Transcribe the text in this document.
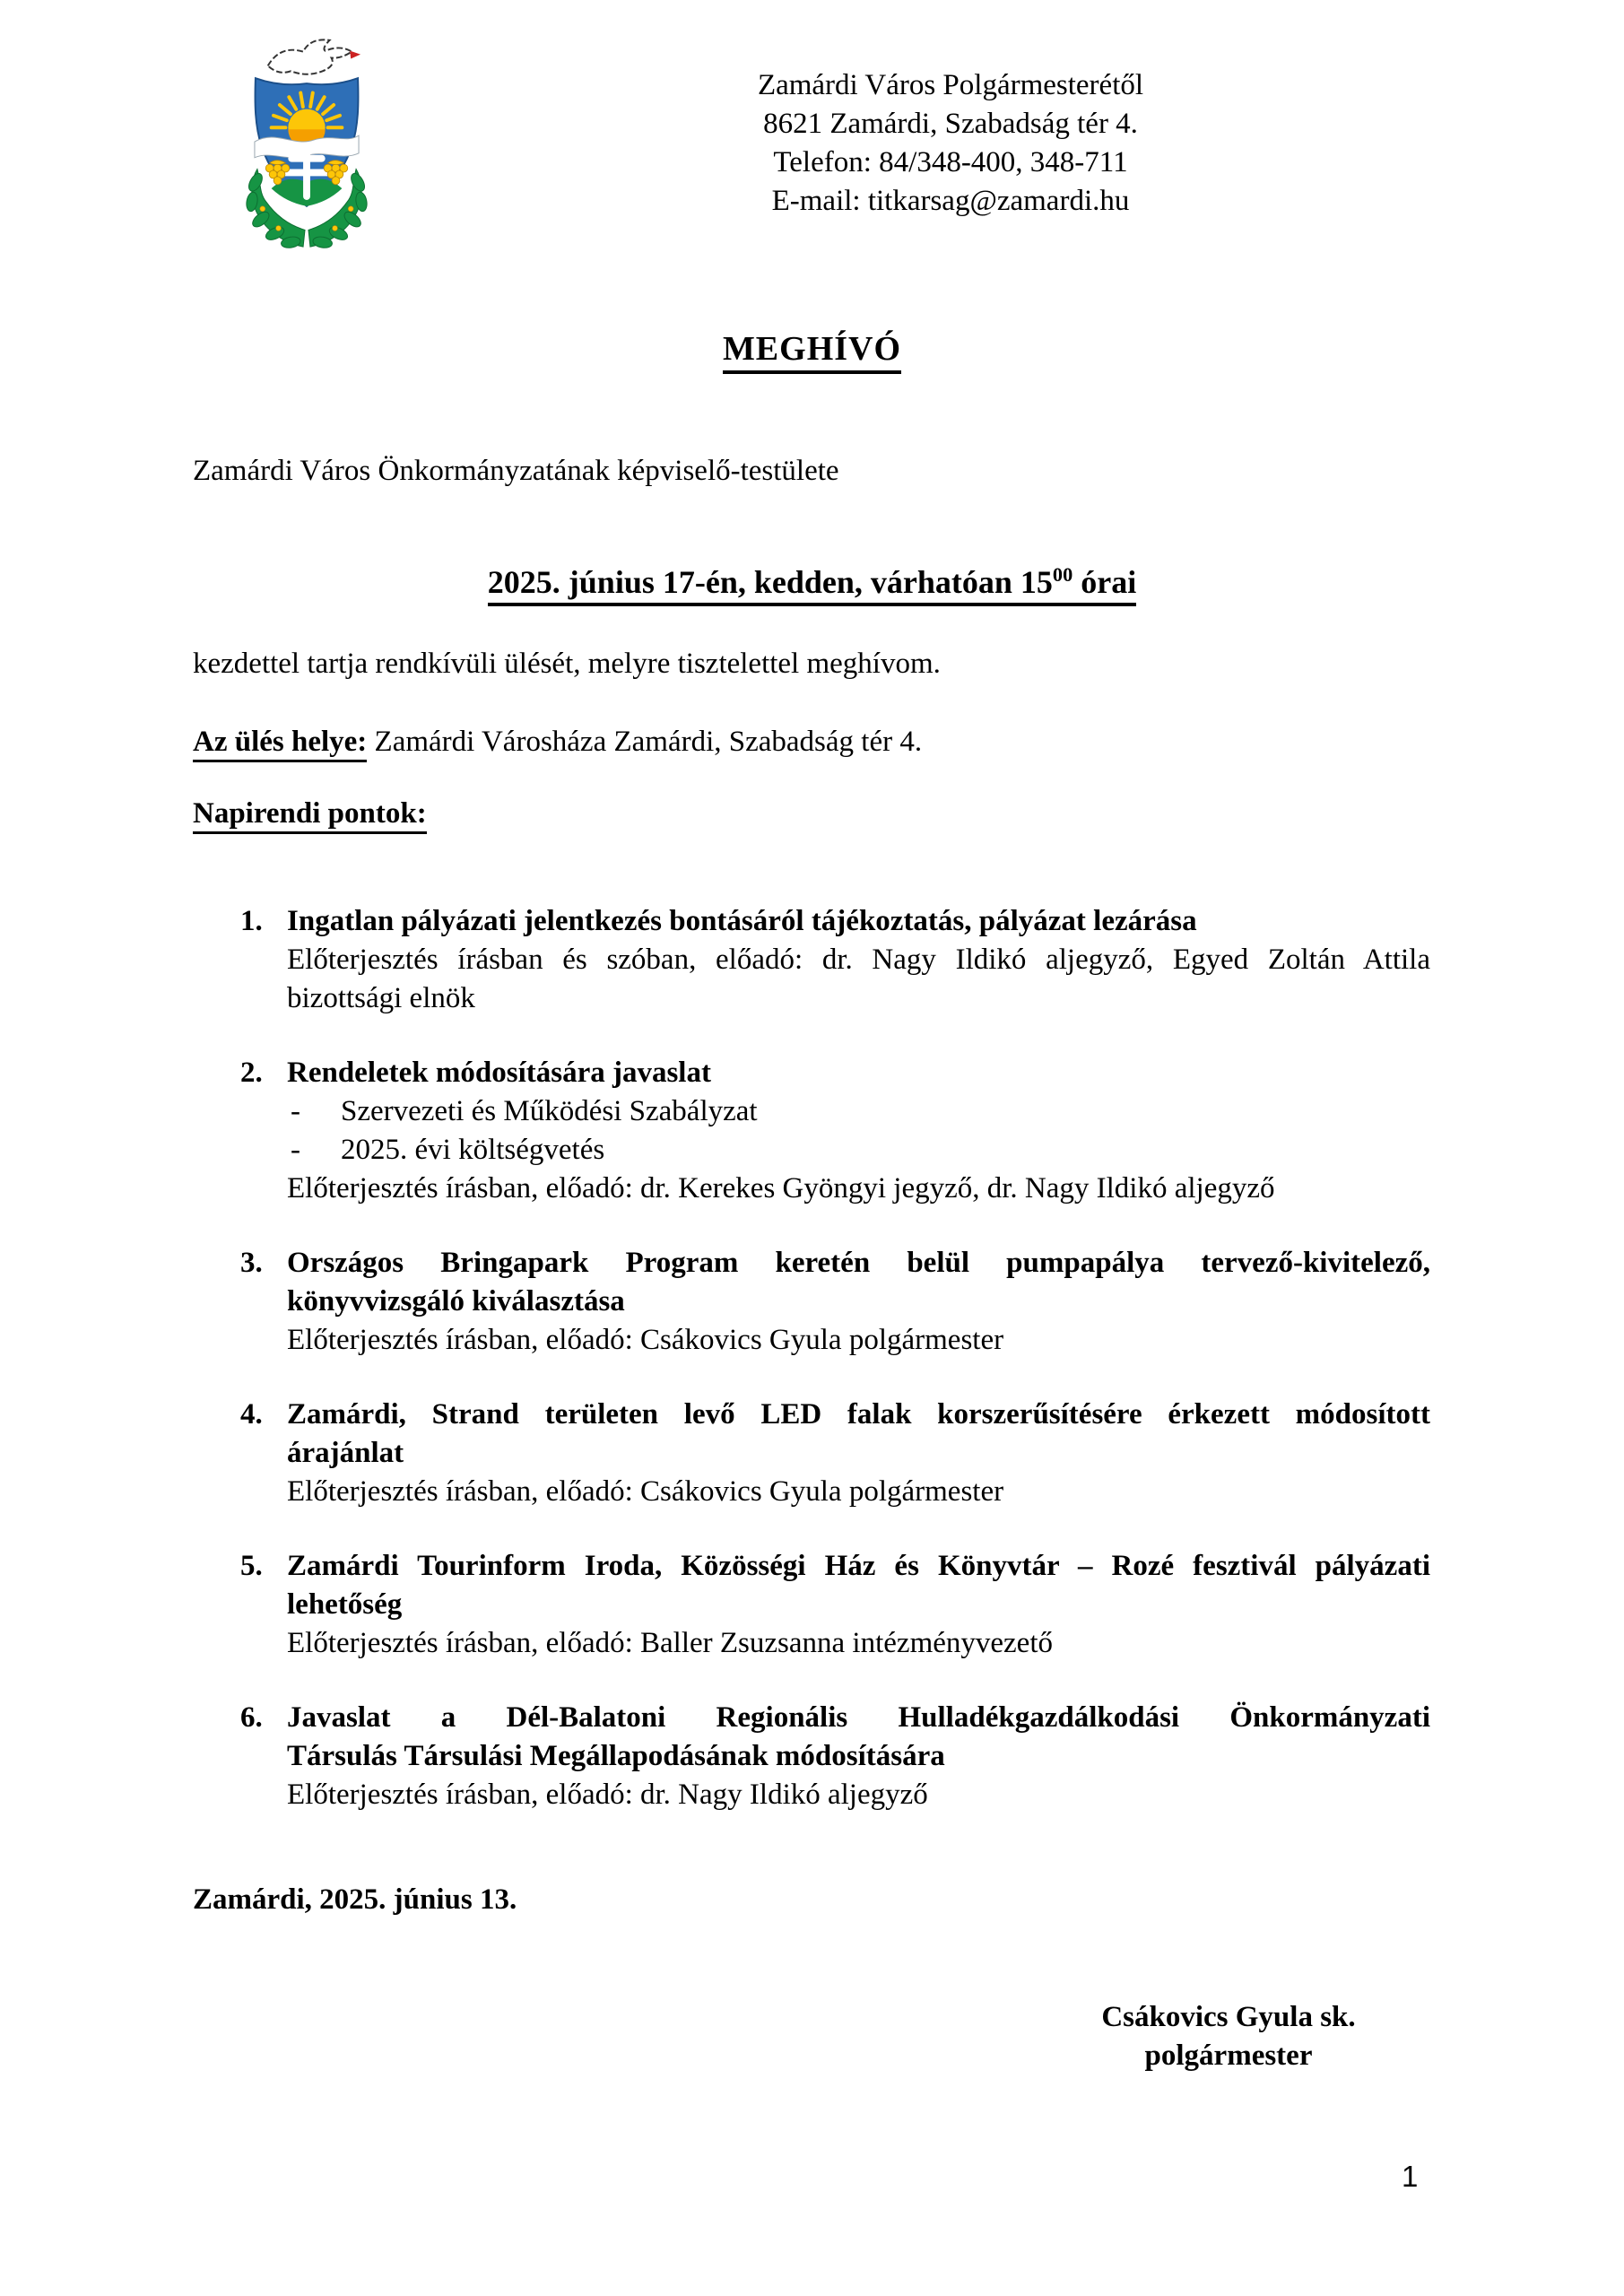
Zamárdi Város Polgármesterétől
8621 Zamárdi, Szabadság tér 4.
Telefon: 84/348-400, 348-711
E-mail: titkarsag@zamardi.hu
MEGHÍVÓ
Zamárdi Város Önkormányzatának képviselő-testülete
2025. június 17-én, kedden, várhatóan $15^{00}$ órai
kezdettel tartja rendkívüli ülését, melyre tisztelettel meghívom.
Az ülés helye: Zamárdi Városháza Zamárdi, Szabadság tér 4.
Napirendi pontok:
1. Ingatlan pályázati jelentkezés bontásáról tájékoztatás, pályázat lezárása
Előterjesztés írásban és szóban, előadó: dr. Nagy Ildikó aljegyző, Egyed Zoltán Attila
bizottsági elnök
2. Rendeletek módosítására javaslat
-	Szervezeti és Működési Szabályzat
-	2025. évi költségvetés
Előterjesztés írásban, előadó: dr. Kerekes Gyöngyi jegyző, dr. Nagy Ildikó aljegyző
3. Országos Bringapark Program keretén belül pumpapálya tervező-kivitelező,
könyvvizsgáló kiválasztása
Előterjesztés írásban, előadó: Csákovics Gyula polgármester
4. Zamárdi, Strand területen levő LED falak korszerűsítésére érkezett módosított
árajánlat
Előterjesztés írásban, előadó: Csákovics Gyula polgármester
5. Zamárdi Tourinform Iroda, Közösségi Ház és Könyvtár – Rozé fesztivál pályázati
lehetőség
Előterjesztés írásban, előadó: Baller Zsuzsanna intézményvezető
6. Javaslat a Dél-Balatoni Regionális Hulladékgazdálkodási Önkormányzati
Társulás Társulási Megállapodásának módosítására
Előterjesztés írásban, előadó: dr. Nagy Ildikó aljegyző
Zamárdi, 2025. június 13.
Csákovics Gyula sk.
polgármester
1
